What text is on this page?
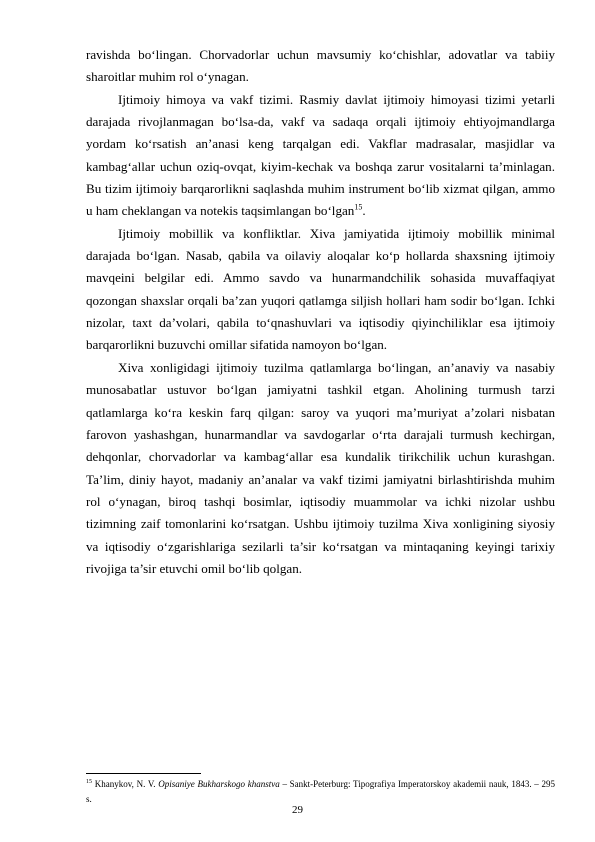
ravishda bo‘lingan. Chorvadorlar uchun mavsumiy ko‘chishlar, adovatlar va tabiiy sharoitlar muhim rol o‘ynagan.

Ijtimoiy himoya va vakf tizimi. Rasmiy davlat ijtimoiy himoyasi tizimi yetarli darajada rivojlanmagan bo‘lsa-da, vakf va sadaqa orqali ijtimoiy ehtiyojmandlarga yordam ko‘rsatish an’anasi keng tarqalgan edi. Vakflar madrasalar, masjidlar va kambag‘allar uchun oziq-ovqat, kiyim-kechak va boshqa zarur vositalarni ta’minlagan. Bu tizim ijtimoiy barqarorlikni saqlashda muhim instrument bo‘lib xizmat qilgan, ammo u ham cheklangan va notekis taqsimlangan bo‘lgan$^{15}$.

Ijtimoiy mobillik va konfliktlar. Xiva jamiyatida ijtimoiy mobillik minimal darajada bo‘lgan. Nasab, qabila va oilaviy aloqalar ko‘p hollarda shaxsning ijtimoiy mavqeini belgilar edi. Ammo savdo va hunarmandchilik sohasida muvaffaqiyat qozongan shaxslar orqali ba’zan yuqori qatlamga siljish hollari ham sodir bo‘lgan. Ichki nizolar, taxt da’volari, qabila to‘qnashuvlari va iqtisodiy qiyinchiliklar esa ijtimoiy barqarorlikni buzuvchi omillar sifatida namoyon bo‘lgan.

Xiva xonligidagi ijtimoiy tuzilma qatlamlarga bo‘lingan, an’anaviy va nasabiy munosabatlar ustuvor bo‘lgan jamiyatni tashkil etgan. Aholining turmush tarzi qatlamlarga ko‘ra keskin farq qilgan: saroy va yuqori ma’muriyat a’zolari nisbatan farovon yashashgan, hunarmandlar va savdogarlar o‘rta darajali turmush kechirgan, dehqonlar, chorvadorlar va kambag‘allar esa kundalik tirikchilik uchun kurashgan. Ta’lim, diniy hayot, madaniy an’analar va vakf tizimi jamiyatni birlashtirishda muhim rol o‘ynagan, biroq tashqi bosimlar, iqtisodiy muammolar va ichki nizolar ushbu tizimning zaif tomonlarini ko‘rsatgan. Ushbu ijtimoiy tuzilma Xiva xonligining siyosiy va iqtisodiy o‘zgarishlariga sezilarli ta’sir ko‘rsatgan va mintaqaning keyingi tarixiy rivojiga ta’sir etuvchi omil bo‘lib qolgan.

$^{15}$ Khanykov, N. V. Opisaniye Bukharskogo khanstva – Sankt-Peterburg: Tipografiya Imperatorskoy akademii nauk, 1843. – 295 s.
29
